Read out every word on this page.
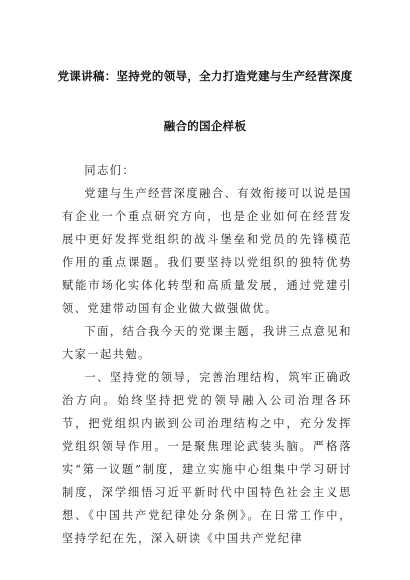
党课讲稿：坚持党的领导，全力打造党建与生产经营深度
融合的国企样板

同志们：

党建与生产经营深度融合、有效衔接可以说是国有企业一个重点研究方向，也是企业如何在经营发展中更好发挥党组织的战斗堡垒和党员的先锋模范作用的重点课题。我们要坚持以党组织的独特优势赋能市场化实体化转型和高质量发展，通过党建引领、党建带动国有企业做大做强做优。

下面，结合我今天的党课主题，我讲三点意见和大家一起共勉。

一、坚持党的领导，完善治理结构，筑牢正确政治方向。始终坚持把党的领导融入公司治理各环节，把党组织内嵌到公司治理结构之中，充分发挥党组织领导作用。一是聚焦理论武装头脑。严格落实“第一议题”制度，建立实施中心组集中学习研讨制度，深学细悟习近平新时代中国特色社会主义思想、《中国共产党纪律处分条例》。在日常工作中，坚持学纪在先，深入研读《中国共产党纪律
